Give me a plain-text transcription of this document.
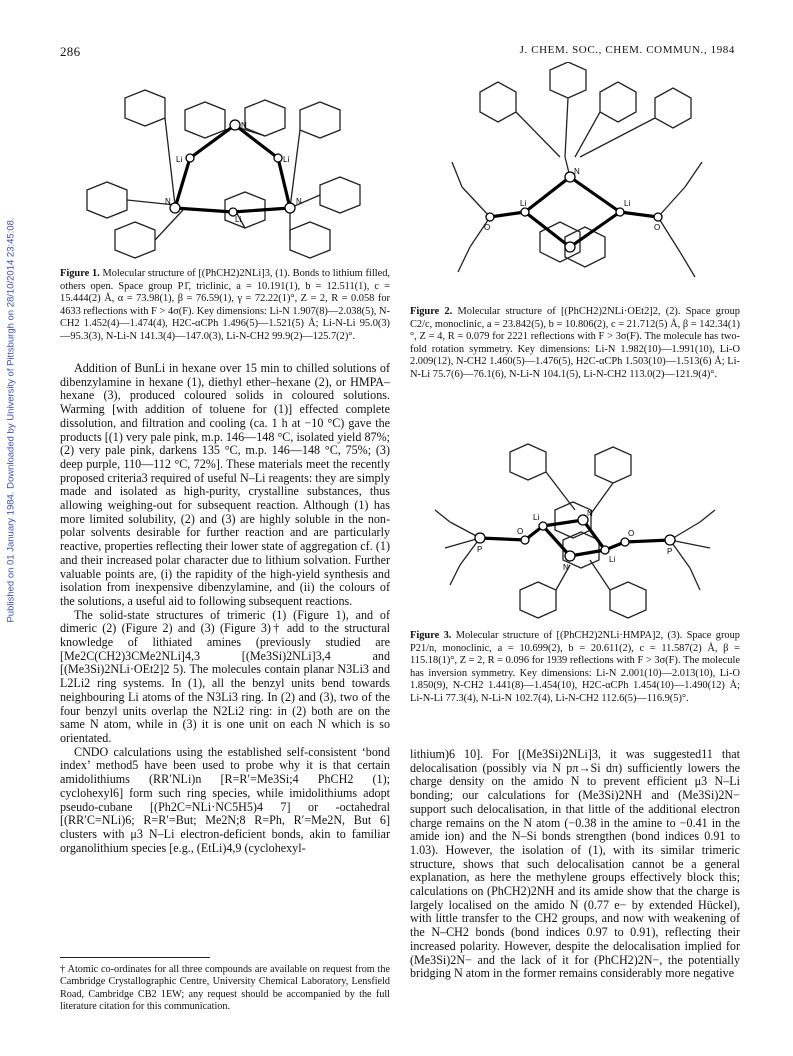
286	J. CHEM. SOC., CHEM. COMMUN., 1984
Published on 01 January 1984. Downloaded by University of Pittsburgh on 28/10/2014 23:45:08.
N
Li	Li
N	N
Li
Figure 1. Molecular structure of [(PhCH2)2NLi]3, (1). Bonds to lithium filled, others open. Space group P1̄, triclinic, a = 10.191(1), b = 12.511(1), c = 15.444(2) Å, α = 73.98(1), β = 76.59(1), γ = 72.22(1)°, Z = 2, R = 0.058 for 4633 reflections with F > 4σ(F). Key dimensions: Li-N 1.907(8)—2.038(5), N-CH2 1.452(4)—1.474(4), H2C-αCPh 1.496(5)—1.521(5) Å; Li-N-Li 95.0(3)—95.3(3), N-Li-N 141.3(4)—147.0(3), Li-N-CH2 99.9(2)—125.7(2)°.
O
Li
N
Li
O
Figure 2. Molecular structure of [(PhCH2)2NLi·OEt2]2, (2). Space group C2/c, monoclinic, a = 23.842(5), b = 10.806(2), c = 21.712(5) Å, β = 142.34(1)°, Z = 4, R = 0.079 for 2221 reflections with F > 3σ(F). The molecule has two-fold rotation symmetry. Key dimensions: Li-N 1.982(10)—1.991(10), Li-O 2.009(12), N-CH2 1.460(5)—1.476(5), H2C-αCPh 1.503(10)—1.513(6) Å; Li-N-Li 75.7(6)—76.1(6), N-Li-N 104.1(5), Li-N-CH2 113.0(2)—121.9(4)°.
P
O
Li	N
N
Li
O
P
Figure 3. Molecular structure of [(PhCH2)2NLi·HMPA]2, (3). Space group P21/n, monoclinic, a = 10.699(2), b = 20.611(2), c = 11.587(2) Å, β = 115.18(1)°, Z = 2, R = 0.096 for 1939 reflections with F > 3σ(F). The molecule has inversion symmetry. Key dimensions: Li-N 2.001(10)—2.013(10), Li-O 1.850(9), N-CH2 1.441(8)—1.454(10), H2C-αCPh 1.454(10)—1.490(12) Å; Li-N-Li 77.3(4), N-Li-N 102.7(4), Li-N-CH2 112.6(5)—116.9(5)°.

Addition of BunLi in hexane over 15 min to chilled solutions of dibenzylamine in hexane (1), diethyl ether–hexane (2), or HMPA–hexane (3), produced coloured solids in coloured solutions. Warming [with addition of toluene for (1)] effected complete dissolution, and filtration and cooling (ca. 1 h at −10 °C) gave the products [(1) very pale pink, m.p. 146—148 °C, isolated yield 87%; (2) very pale pink, darkens 135 °C, m.p. 146—148 °C, 75%; (3) deep purple, 110—112 °C, 72%]. These materials meet the recently proposed criteria3 required of useful N–Li reagents: they are simply made and isolated as high-purity, crystalline substances, thus allowing weighing-out for subsequent reaction. Although (1) has more limited solubility, (2) and (3) are highly soluble in the non-polar solvents desirable for further reaction and are particularly reactive, properties reflecting their lower state of aggregation cf. (1) and their increased polar character due to lithium solvation. Further valuable points are, (i) the rapidity of the high-yield synthesis and isolation from inexpensive dibenzylamine, and (ii) the colours of the solutions, a useful aid to following subsequent reactions.

The solid-state structures of trimeric (1) (Figure 1), and of dimeric (2) (Figure 2) and (3) (Figure 3)† add to the structural knowledge of lithiated amines (previously studied are [Me2C(CH2)3CMe2NLi]4,3 [(Me3Si)2NLi]3,4 and [(Me3Si)2NLi·OEt2]2 5). The molecules contain planar N3Li3 and L2Li2 ring systems. In (1), all the benzyl units bend towards neighbouring Li atoms of the N3Li3 ring. In (2) and (3), two of the four benzyl units overlap the N2Li2 ring: in (2) both are on the same N atom, while in (3) it is one unit on each N which is so orientated.

CNDO calculations using the established self-consistent ‘bond index’ method5 have been used to probe why it is that certain amidolithiums (RR′NLi)n [R=R′=Me3Si;4 PhCH2 (1); cyclohexyl6] form such ring species, while imidolithiums adopt pseudo-cubane [(Ph2C=NLi·NC5H5)4 7] or -octahedral [(RR′C=NLi)6; R=R′=But; Me2N;8 R=Ph, R′=Me2N, But 6] clusters with μ3 N–Li electron-deficient bonds, akin to familiar organolithium species [e.g., (EtLi)4,9 (cyclohexyl-

lithium)6 10]. For [(Me3Si)2NLi]3, it was suggested11 that delocalisation (possibly via N pπ→Si dπ) sufficiently lowers the charge density on the amido N to prevent efficient μ3 N–Li bonding; our calculations for (Me3Si)2NH and (Me3Si)2N− support such delocalisation, in that little of the additional electron charge remains on the N atom (−0.38 in the amine to −0.41 in the amide ion) and the N–Si bonds strengthen (bond indices 0.91 to 1.03). However, the isolation of (1), with its similar trimeric structure, shows that such delocalisation cannot be a general explanation, as here the methylene groups effectively block this; calculations on (PhCH2)2NH and its amide show that the charge is largely localised on the amido N (0.77 e− by extended Hückel), with little transfer to the CH2 groups, and now with weakening of the N–CH2 bonds (bond indices 0.97 to 0.91), reflecting their increased polarity. However, despite the delocalisation implied for (Me3Si)2N− and the lack of it for (PhCH2)2N−, the potentially bridging N atom in the former remains considerably more negative

† Atomic co-ordinates for all three compounds are available on request from the Cambridge Crystallographic Centre, University Chemical Laboratory, Lensfield Road, Cambridge CB2 1EW; any request should be accompanied by the full literature citation for this communication.
